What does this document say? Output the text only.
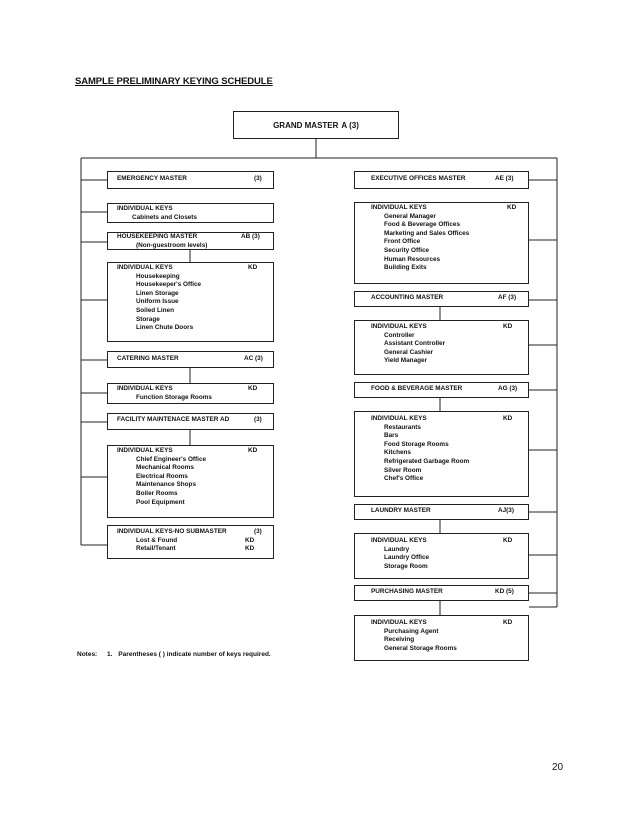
SAMPLE PRELIMINARY KEYING SCHEDULE
GRAND MASTER A (3)
EMERGENCY MASTER	(3)
INDIVIDUAL KEYS
Cabinets and Closets
HOUSEKEEPING MASTER	AB (3)
(Non-guestroom levels)
INDIVIDUAL KEYS	KD
Housekeeping
Housekeeper's Office
Linen Storage
Uniform Issue
Soiled Linen
Storage
Linen Chute Doors
CATERING MASTER	AC (3)
INDIVIDUAL KEYS	KD
Function Storage Rooms
FACILITY MAINTENACE MASTER AD	(3)
INDIVIDUAL KEYS	KD
Chief Engineer's Office
Mechanical Rooms
Electrical Rooms
Maintenance Shops
Boiler Rooms
Pool Equipment
INDIVIDUAL KEYS-NO SUBMASTER	(3)
Lost & Found	KD
Retail/Tenant	KD
EXECUTIVE OFFICES MASTER	AE (3)
INDIVIDUAL KEYS	KD
General Manager
Food & Beverage Offices
Marketing and Sales Offices
Front Office
Security Office
Human Resources
Building Exits
ACCOUNTING MASTER	AF (3)
INDIVIDUAL KEYS	KD
Controller
Assistant Controller
General Cashier
Yield Manager
FOOD & BEVERAGE MASTER	AG (3)
INDIVIDUAL KEYS	KD
Restaurants
Bars
Food Storage Rooms
Kitchens
Refrigerated Garbage Room
Silver Room
Chef's Office
LAUNDRY MASTER	AJ(3)
INDIVIDUAL KEYS	KD
Laundry
Laundry Office
Storage Room
PURCHASING MASTER	KD (5)
INDIVIDUAL KEYS	KD
Purchasing Agent
Receiving
General Storage Rooms
Notes: 1. Parentheses ( ) indicate number of keys required.
20
